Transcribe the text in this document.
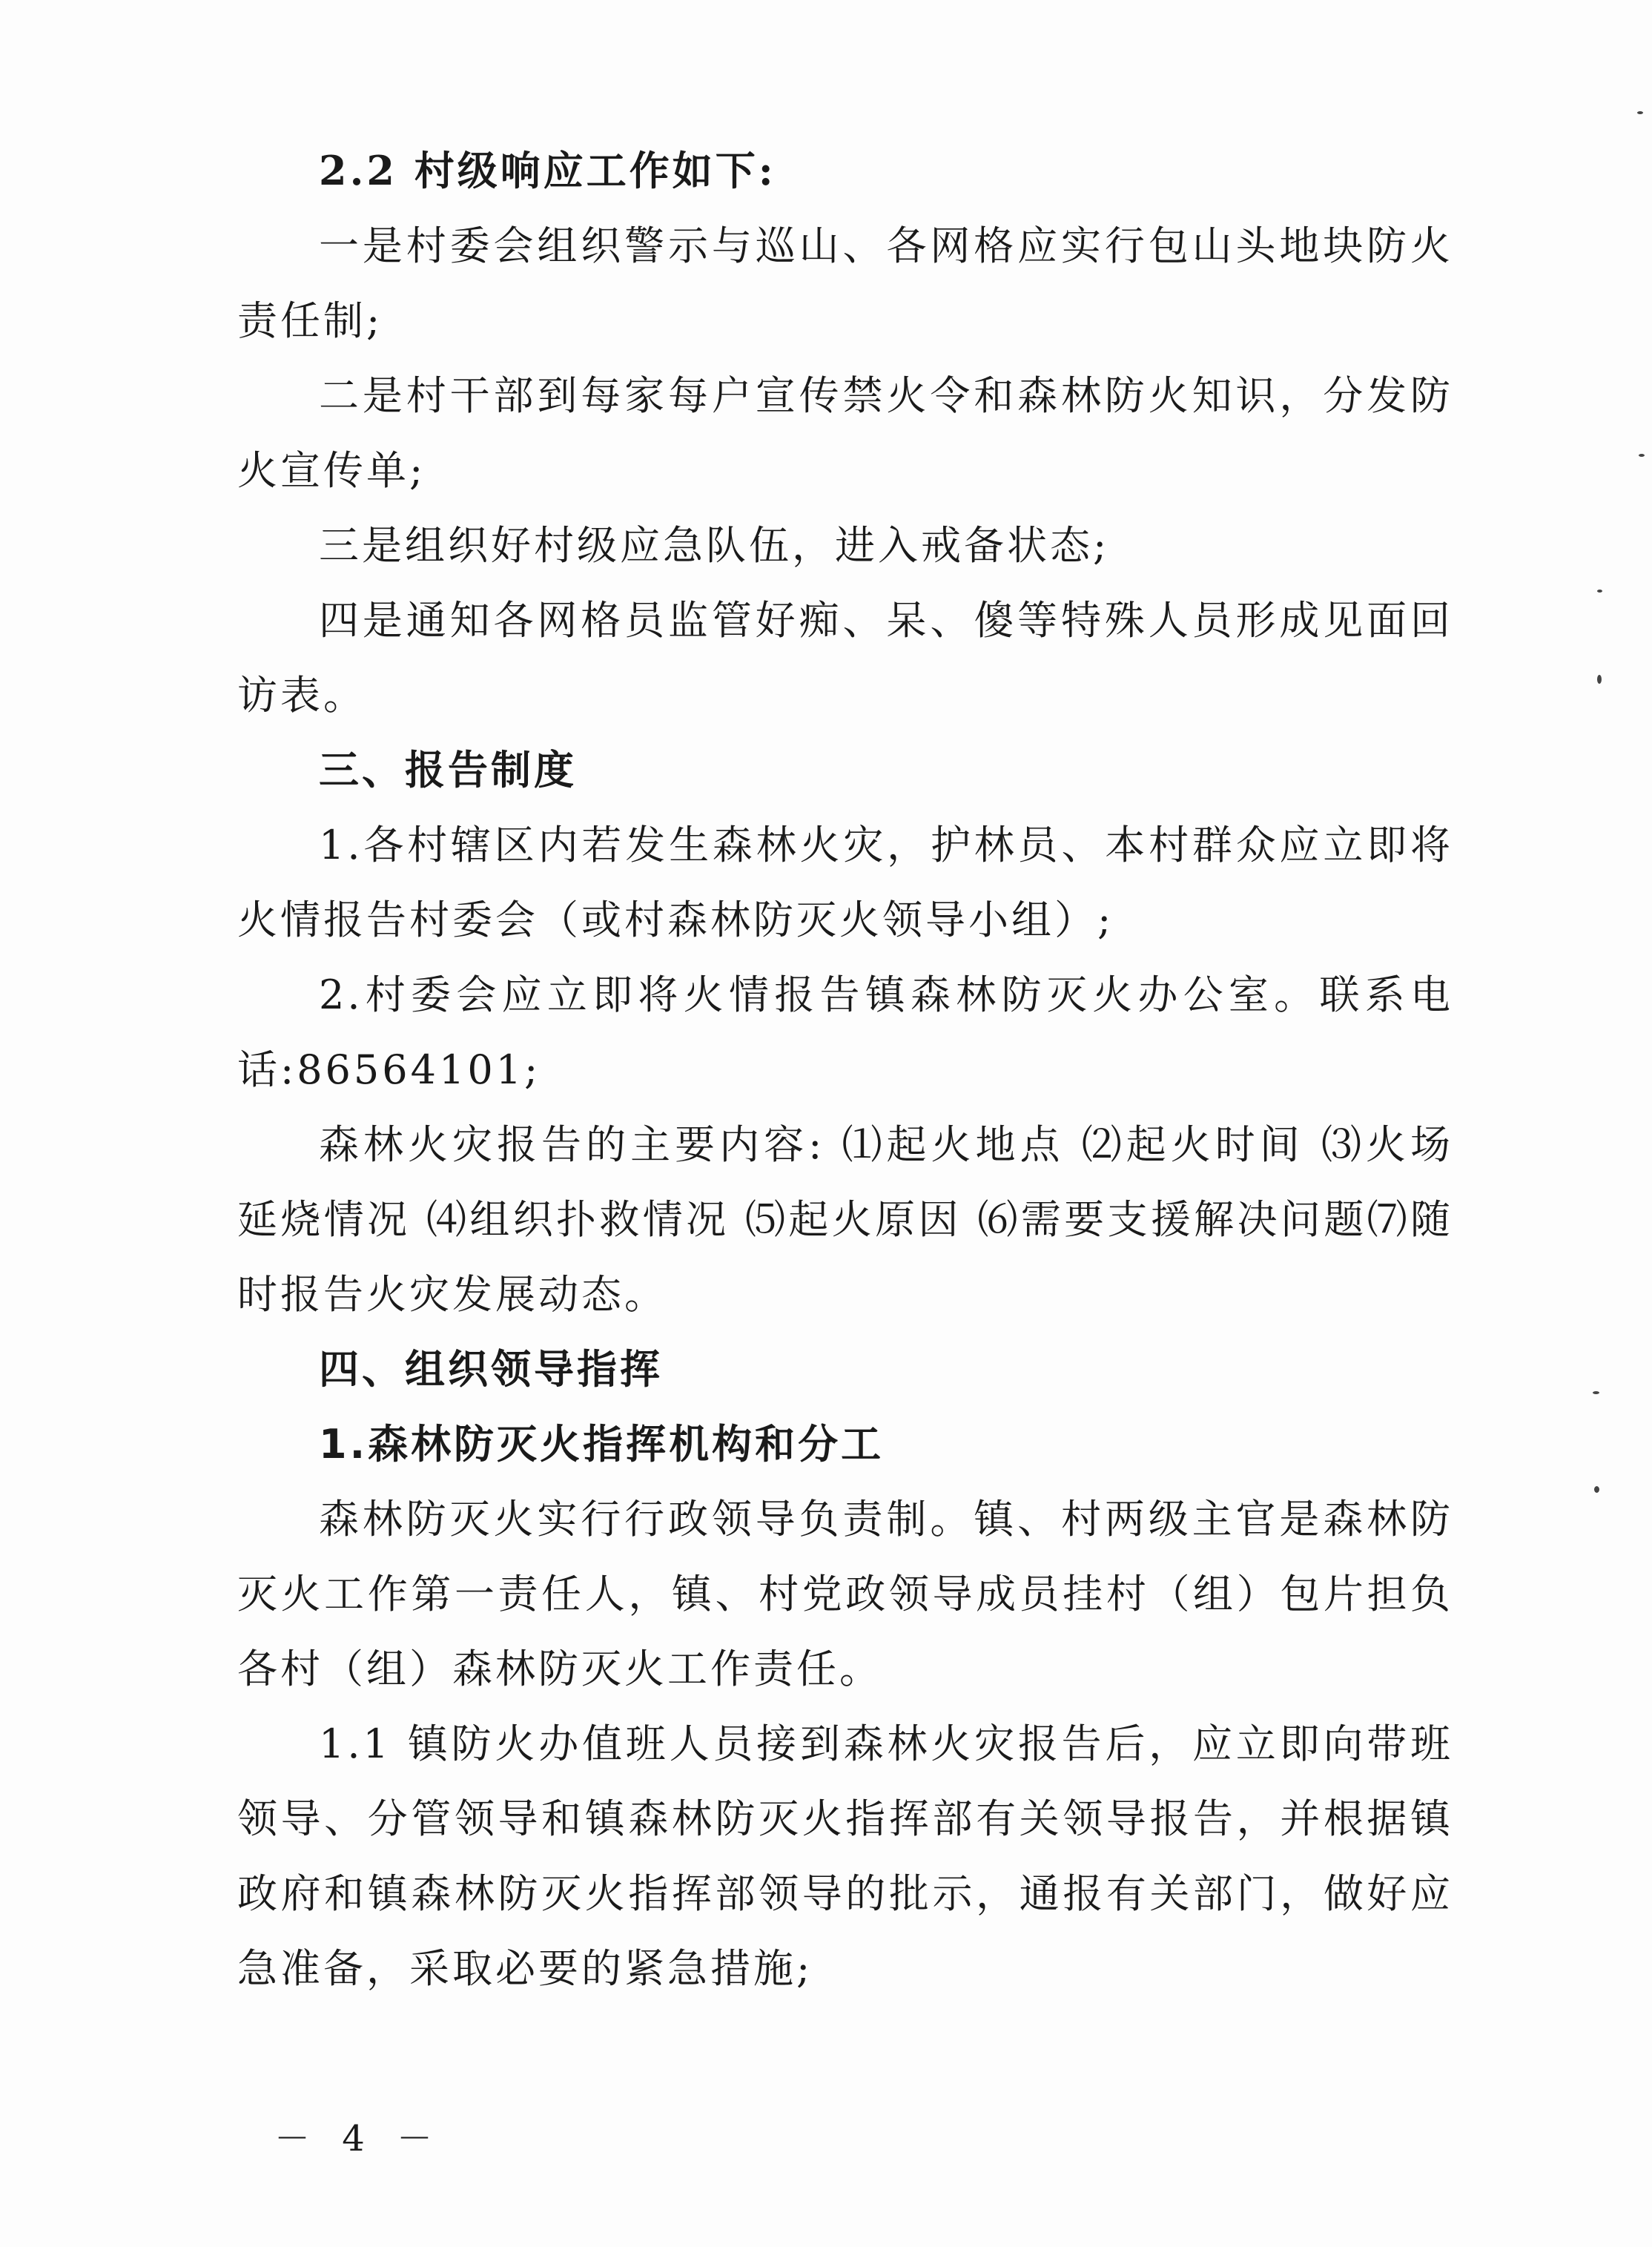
2.2 村级响应工作如下:

一是村委会组织警示与巡山、各网格应实行包山头地块防火责任制;

二是村干部到每家每户宣传禁火令和森林防火知识，分发防火宣传单;

三是组织好村级应急队伍，进入戒备状态;

四是通知各网格员监管好痴、呆、傻等特殊人员形成见面回访表。

三、报告制度

1.各村辖区内若发生森林火灾，护林员、本村群众应立即将火情报告村委会（或村森林防灭火领导小组）;

2.村委会应立即将火情报告镇森林防灭火办公室。联系电话:86564101;

森林火灾报告的主要内容: ⑴起火地点 ⑵起火时间 ⑶火场延烧情况 ⑷组织扑救情况 ⑸起火原因 ⑹需要支援解决问题⑺随时报告火灾发展动态。

四、组织领导指挥

1.森林防灭火指挥机构和分工

森林防灭火实行行政领导负责制。镇、村两级主官是森林防灭火工作第一责任人，镇、村党政领导成员挂村（组）包片担负各村（组）森林防灭火工作责任。

1.1 镇防火办值班人员接到森林火灾报告后，应立即向带班领导、分管领导和镇森林防灭火指挥部有关领导报告，并根据镇政府和镇森林防灭火指挥部领导的批示，通报有关部门，做好应急准备，采取必要的紧急措施;

－ 4 －
